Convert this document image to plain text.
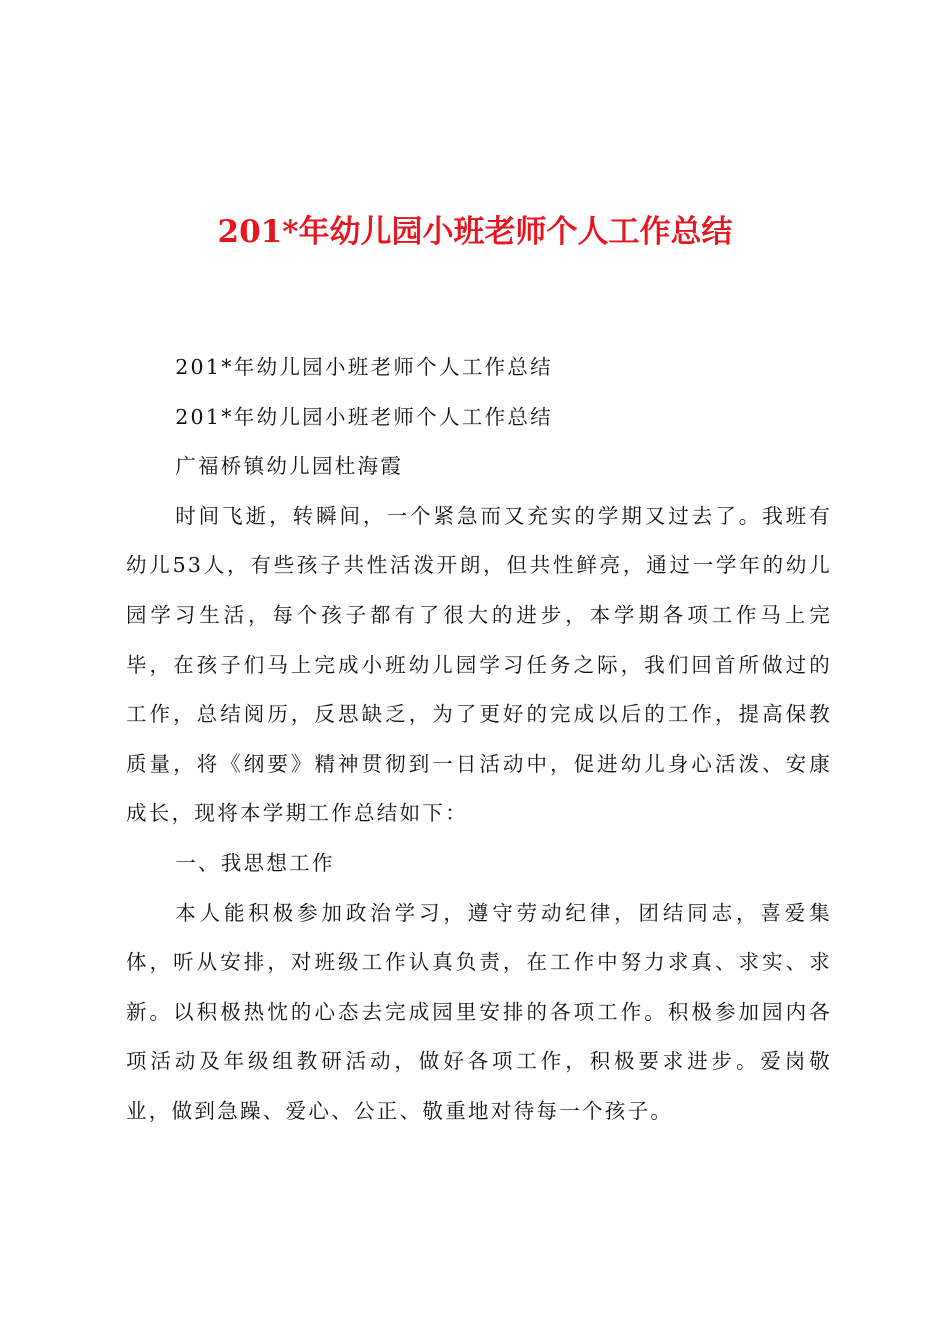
201*年幼儿园小班老师个人工作总结

201*年幼儿园小班老师个人工作总结

201*年幼儿园小班老师个人工作总结

广福桥镇幼儿园杜海霞

时间飞逝，转瞬间，一个紧急而又充实的学期又过去了。我班有幼儿53人，有些孩子共性活泼开朗，但共性鲜亮，通过一学年的幼儿园学习生活，每个孩子都有了很大的进步，本学期各项工作马上完毕，在孩子们马上完成小班幼儿园学习任务之际，我们回首所做过的工作，总结阅历，反思缺乏，为了更好的完成以后的工作，提高保教质量，将《纲要》精神贯彻到一日活动中，促进幼儿身心活泼、安康成长，现将本学期工作总结如下：

一、我思想工作

本人能积极参加政治学习，遵守劳动纪律，团结同志，喜爱集体，听从安排，对班级工作认真负责，在工作中努力求真、求实、求新。以积极热忱的心态去完成园里安排的各项工作。积极参加园内各项活动及年级组教研活动，做好各项工作，积极要求进步。爱岗敬业，做到急躁、爱心、公正、敬重地对待每一个孩子。
